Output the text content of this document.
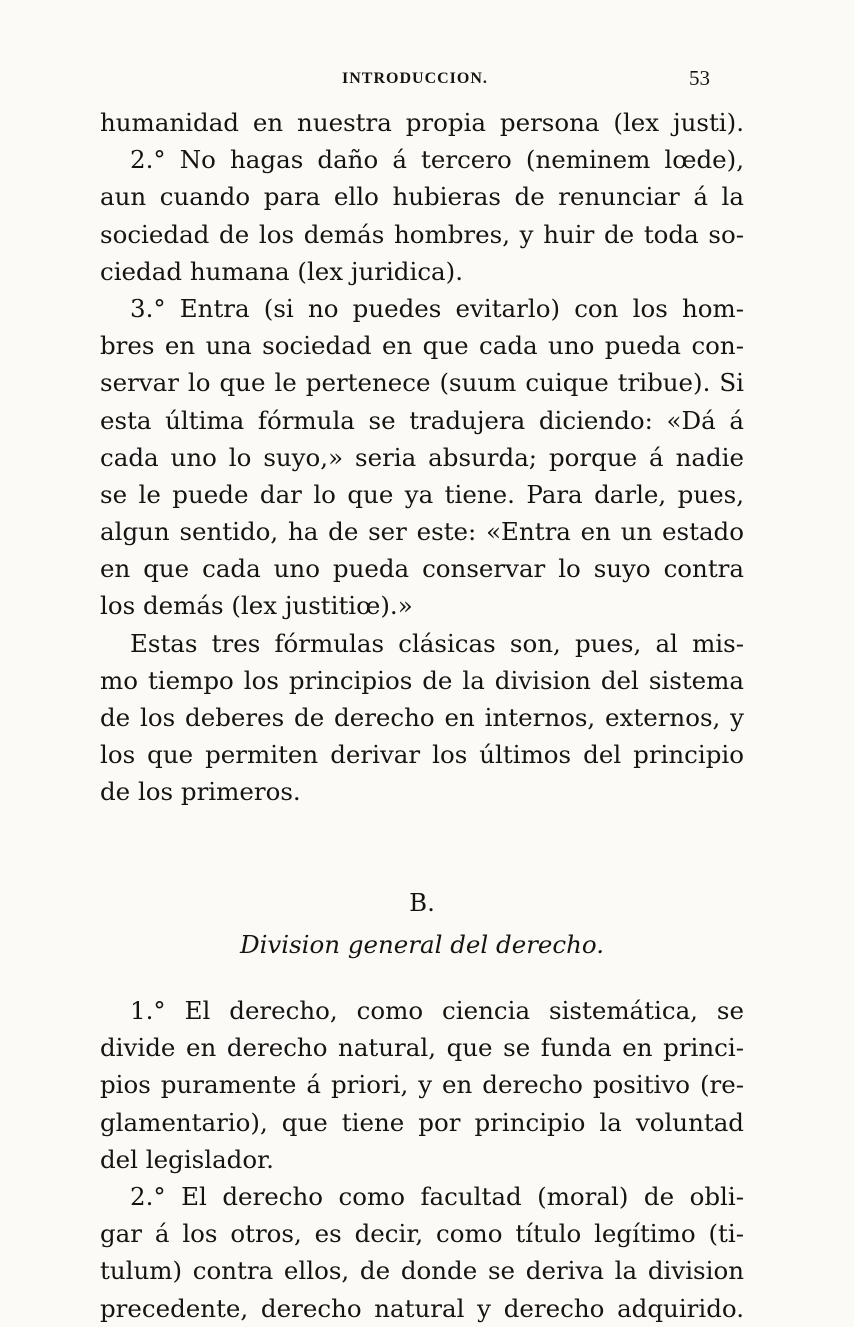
INTRODUCCION.	53
humanidad en nuestra propia persona (lex justi).
2.° No hagas daño á tercero (neminem lœde),
aun cuando para ello hubieras de renunciar á la
sociedad de los demás hombres, y huir de toda so-
ciedad humana (lex juridica).
3.° Entra (si no puedes evitarlo) con los hom-
bres en una sociedad en que cada uno pueda con-
servar lo que le pertenece (suum cuique tribue). Si
esta última fórmula se tradujera diciendo: «Dá á
cada uno lo suyo,» seria absurda; porque á nadie
se le puede dar lo que ya tiene. Para darle, pues,
algun sentido, ha de ser este: «Entra en un estado
en que cada uno pueda conservar lo suyo contra
los demás (lex justitiœ).»
Estas tres fórmulas clásicas son, pues, al mis-
mo tiempo los principios de la division del sistema
de los deberes de derecho en internos, externos, y
los que permiten derivar los últimos del principio
de los primeros.
B.
Division general del derecho.
1.° El derecho, como ciencia sistemática, se
divide en derecho natural, que se funda en princi-
pios puramente á priori, y en derecho positivo (re-
glamentario), que tiene por principio la voluntad
del legislador.
2.° El derecho como facultad (moral) de obli-
gar á los otros, es decir, como título legítimo (ti-
tulum) contra ellos, de donde se deriva la division
precedente, derecho natural y derecho adquirido.
